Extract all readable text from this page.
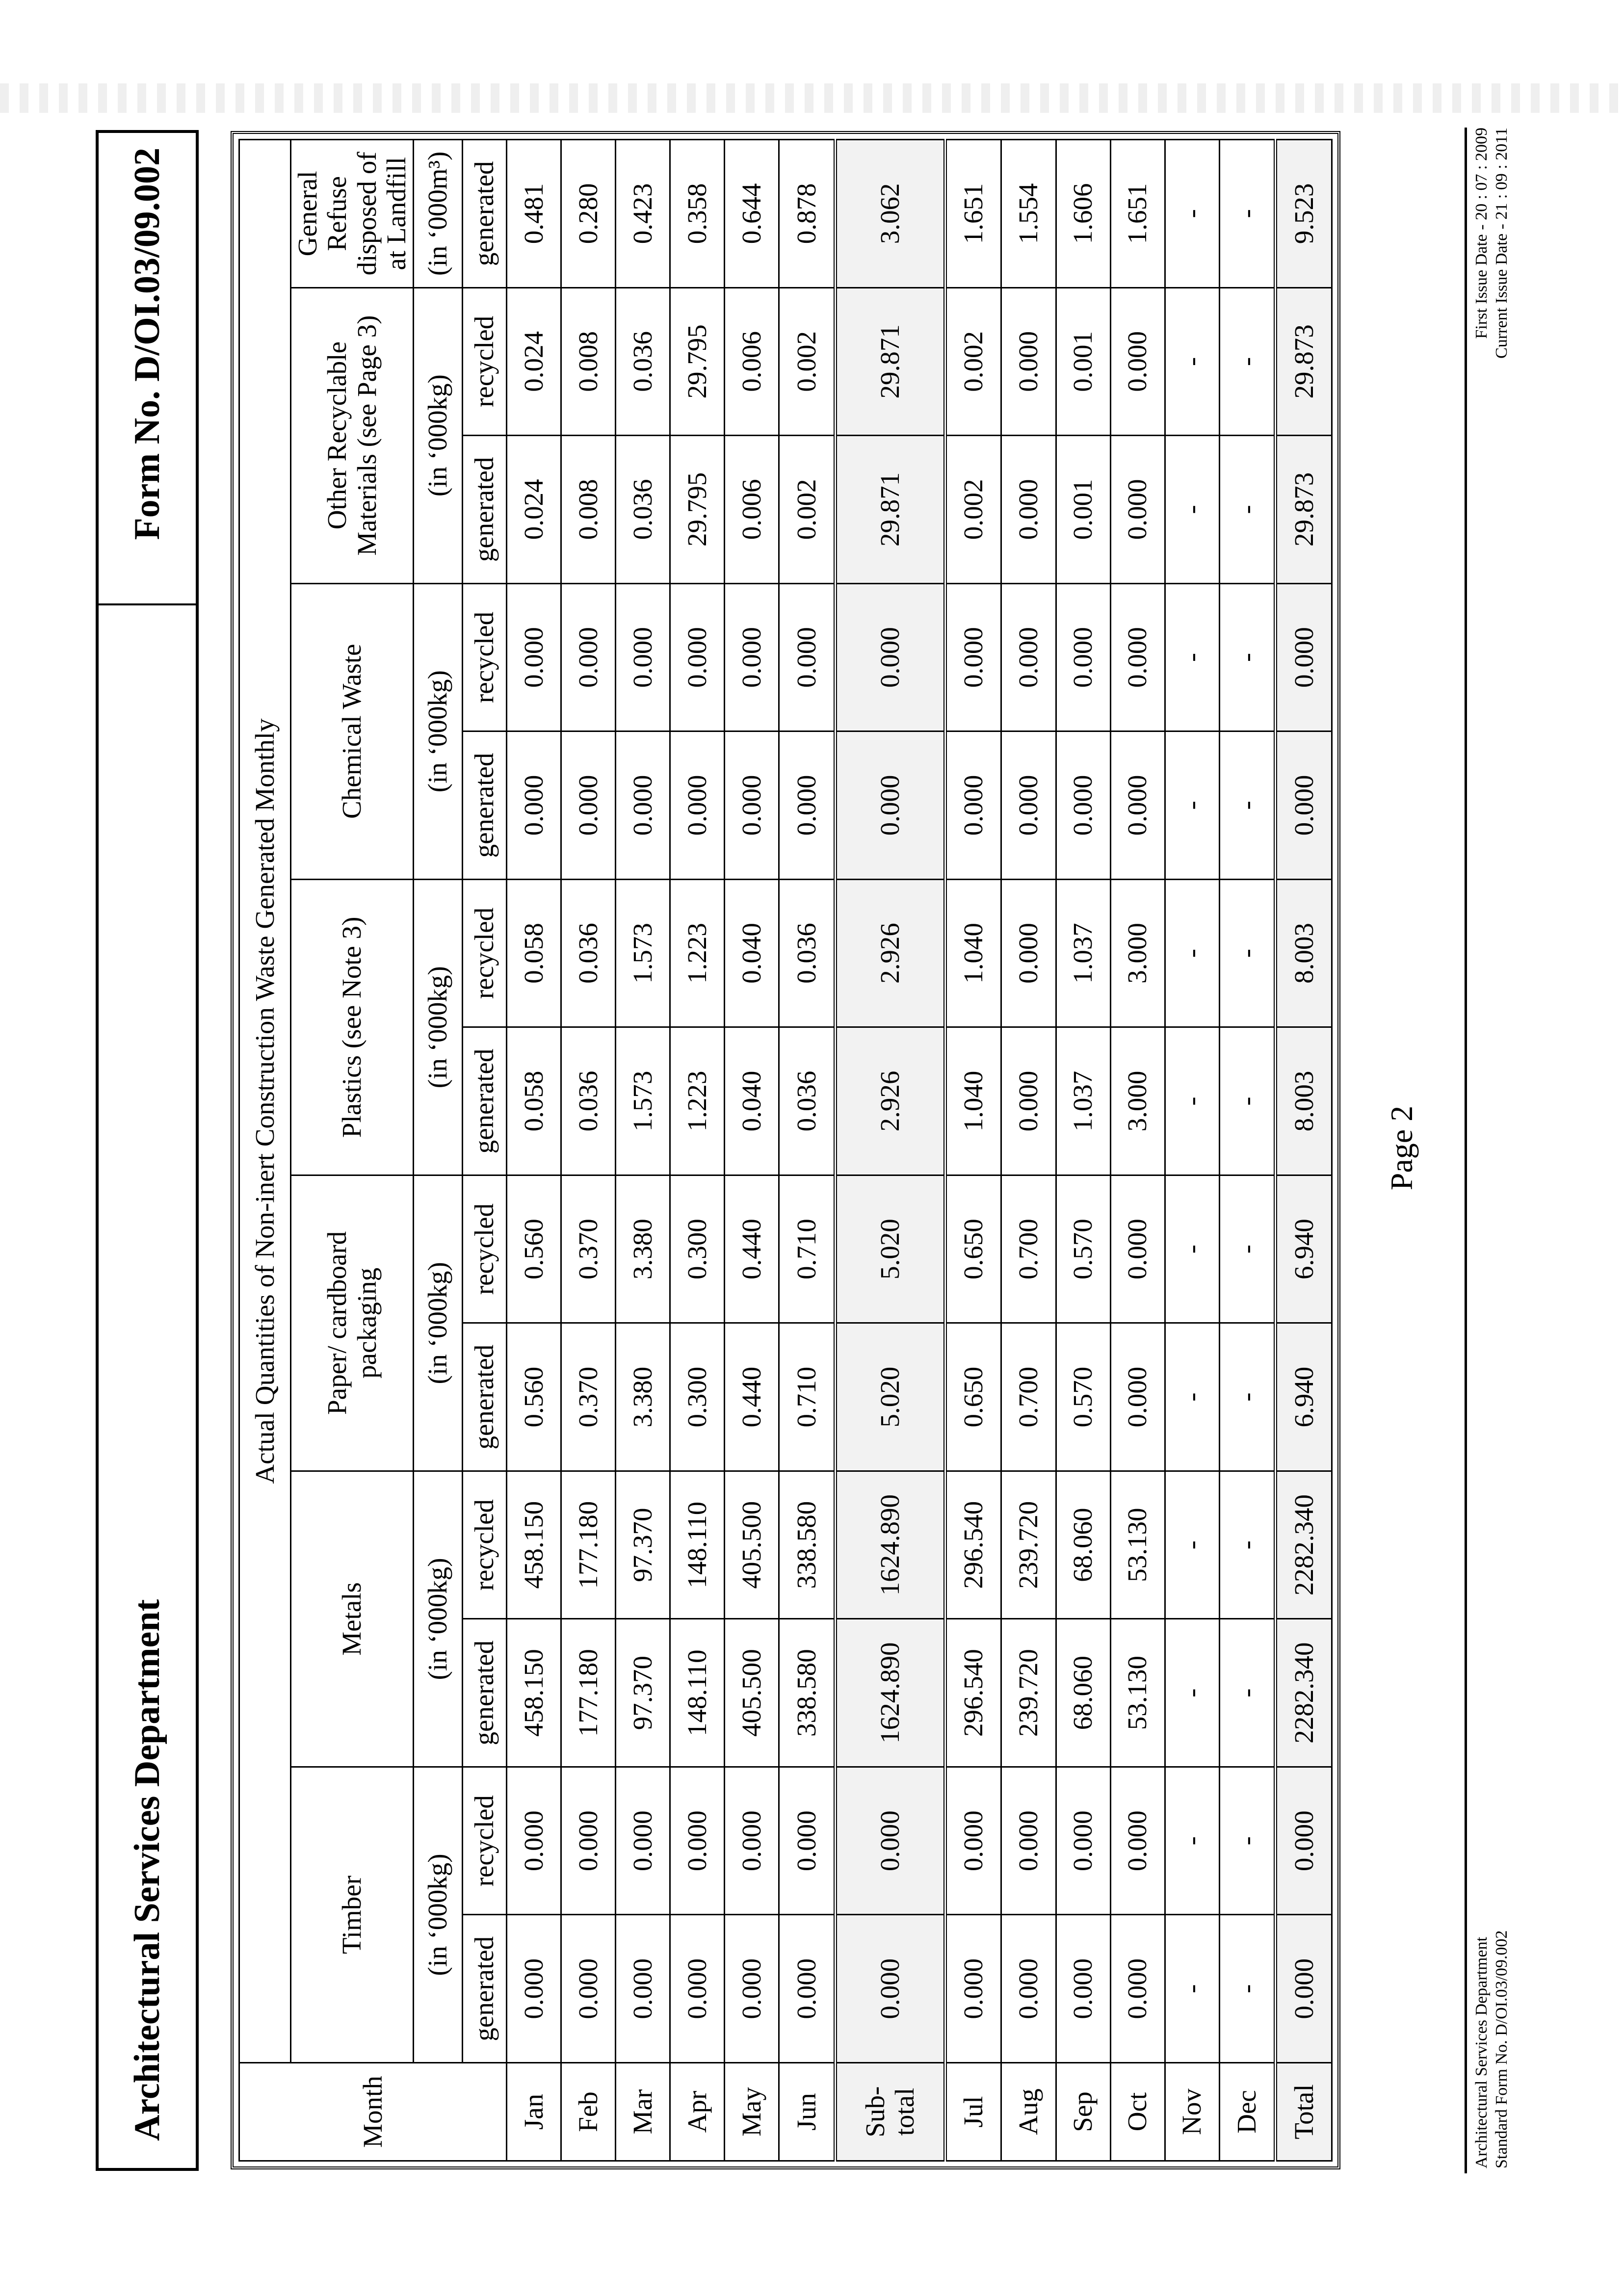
Architectural Services Department
Form No. D/OI.03/09.002
Month	Actual Quantities of Non-inert Construction Waste Generated Monthly												
	Timber		Metals		Paper/ cardboard packaging		Plastics (see Note 3)		Chemical Waste		Other Recyclable Materials (see Page 3)		General Refuse disposed of at Landfill
	(in ‘000kg)		(in ‘000kg)		(in ‘000kg)		(in ‘000kg)		(in ‘000kg)		(in ‘000kg)		(in ‘000m³)
	generated	recycled	generated	recycled	generated	recycled	generated	recycled	generated	recycled	generated	recycled	generated
Jan	0.000	0.000	458.150	458.150	0.560	0.560	0.058	0.058	0.000	0.000	0.024	0.024	0.481
Feb	0.000	0.000	177.180	177.180	0.370	0.370	0.036	0.036	0.000	0.000	0.008	0.008	0.280
Mar	0.000	0.000	97.370	97.370	3.380	3.380	1.573	1.573	0.000	0.000	0.036	0.036	0.423
Apr	0.000	0.000	148.110	148.110	0.300	0.300	1.223	1.223	0.000	0.000	29.795	29.795	0.358
May	0.000	0.000	405.500	405.500	0.440	0.440	0.040	0.040	0.000	0.000	0.006	0.006	0.644
Jun	0.000	0.000	338.580	338.580	0.710	0.710	0.036	0.036	0.000	0.000	0.002	0.002	0.878
Sub-total	0.000	0.000	1624.890	1624.890	5.020	5.020	2.926	2.926	0.000	0.000	29.871	29.871	3.062
Jul	0.000	0.000	296.540	296.540	0.650	0.650	1.040	1.040	0.000	0.000	0.002	0.002	1.651
Aug	0.000	0.000	239.720	239.720	0.700	0.700	0.000	0.000	0.000	0.000	0.000	0.000	1.554
Sep	0.000	0.000	68.060	68.060	0.570	0.570	1.037	1.037	0.000	0.000	0.001	0.001	1.606
Oct	0.000	0.000	53.130	53.130	0.000	0.000	3.000	3.000	0.000	0.000	0.000	0.000	1.651
Nov	-	-	-	-	-	-	-	-	-	-	-	-	-
Dec	-	-	-	-	-	-	-	-	-	-	-	-	-
Total	0.000	0.000	2282.340	2282.340	6.940	6.940	8.003	8.003	0.000	0.000	29.873	29.873	9.523
Page 2
Architectural Services Department Standard Form No. D/OI.03/09.002
First Issue Date - 20 : 07 : 2009 Current Issue Date - 21 : 09 : 2011
